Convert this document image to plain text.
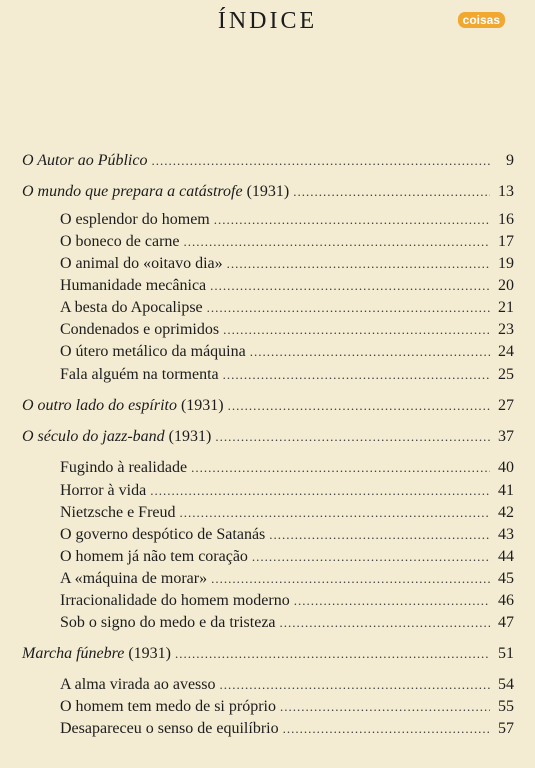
ÍNDICE	coisas
O Autor ao Público .....	9
O mundo que prepara a catástrofe (1931) .....	13
O esplendor do homem .....	16
O boneco de carne .....	17
O animal do «oitavo dia» .....	19
Humanidade mecânica .....	20
A besta do Apocalipse .....	21
Condenados e oprimidos .....	23
O útero metálico da máquina .....	24
Fala alguém na tormenta .....	25
O outro lado do espírito (1931) .....	27
O século do jazz-band (1931) .....	37
Fugindo à realidade .....	40
Horror à vida .....	41
Nietzsche e Freud .....	42
O governo despótico de Satanás .....	43
O homem já não tem coração .....	44
A «máquina de morar» .....	45
Irracionalidade do homem moderno .....	46
Sob o signo do medo e da tristeza .....	47
Marcha fúnebre (1931) .....	51
A alma virada ao avesso .....	54
O homem tem medo de si próprio .....	55
Desapareceu o senso de equilíbrio .....	57
